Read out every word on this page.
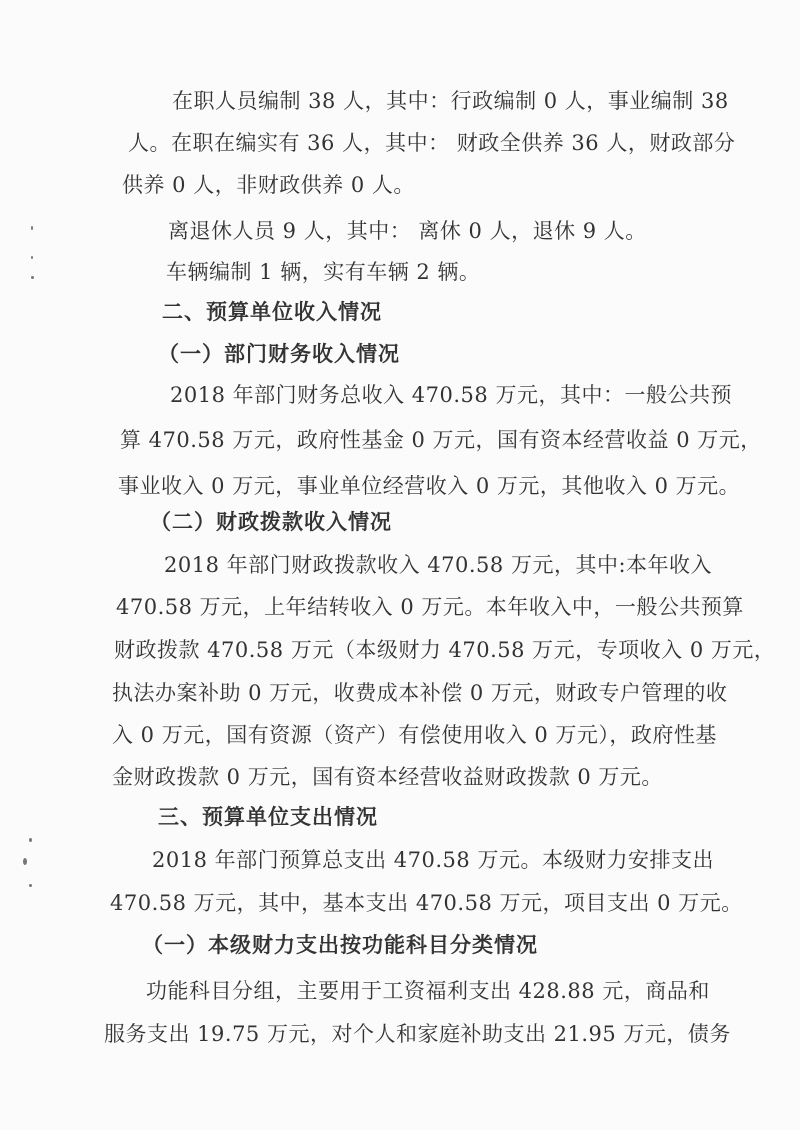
在职人员编制 38 人，其中：行政编制 0 人，事业编制 38
人。在职在编实有 36 人，其中： 财政全供养 36 人，财政部分
供养 0 人，非财政供养 0 人。
离退休人员 9 人，其中： 离休 0 人，退休 9 人。
车辆编制 1 辆，实有车辆 2 辆。
二、预算单位收入情况
（一）部门财务收入情况
2018 年部门财务总收入 470.58 万元，其中：一般公共预
算 470.58 万元，政府性基金 0 万元，国有资本经营收益 0 万元，
事业收入 0 万元，事业单位经营收入 0 万元，其他收入 0 万元。
（二）财政拨款收入情况
2018 年部门财政拨款收入 470.58 万元，其中:本年收入
470.58 万元，上年结转收入 0 万元。本年收入中，一般公共预算
财政拨款 470.58 万元（本级财力 470.58 万元，专项收入 0 万元，
执法办案补助 0 万元，收费成本补偿 0 万元，财政专户管理的收
入 0 万元，国有资源（资产）有偿使用收入 0 万元），政府性基
金财政拨款 0 万元，国有资本经营收益财政拨款 0 万元。
三、预算单位支出情况
2018 年部门预算总支出 470.58 万元。本级财力安排支出
470.58 万元，其中，基本支出 470.58 万元，项目支出 0 万元。
（一）本级财力支出按功能科目分类情况
功能科目分组，主要用于工资福利支出 428.88 元，商品和
服务支出 19.75 万元，对个人和家庭补助支出 21.95 万元，债务
